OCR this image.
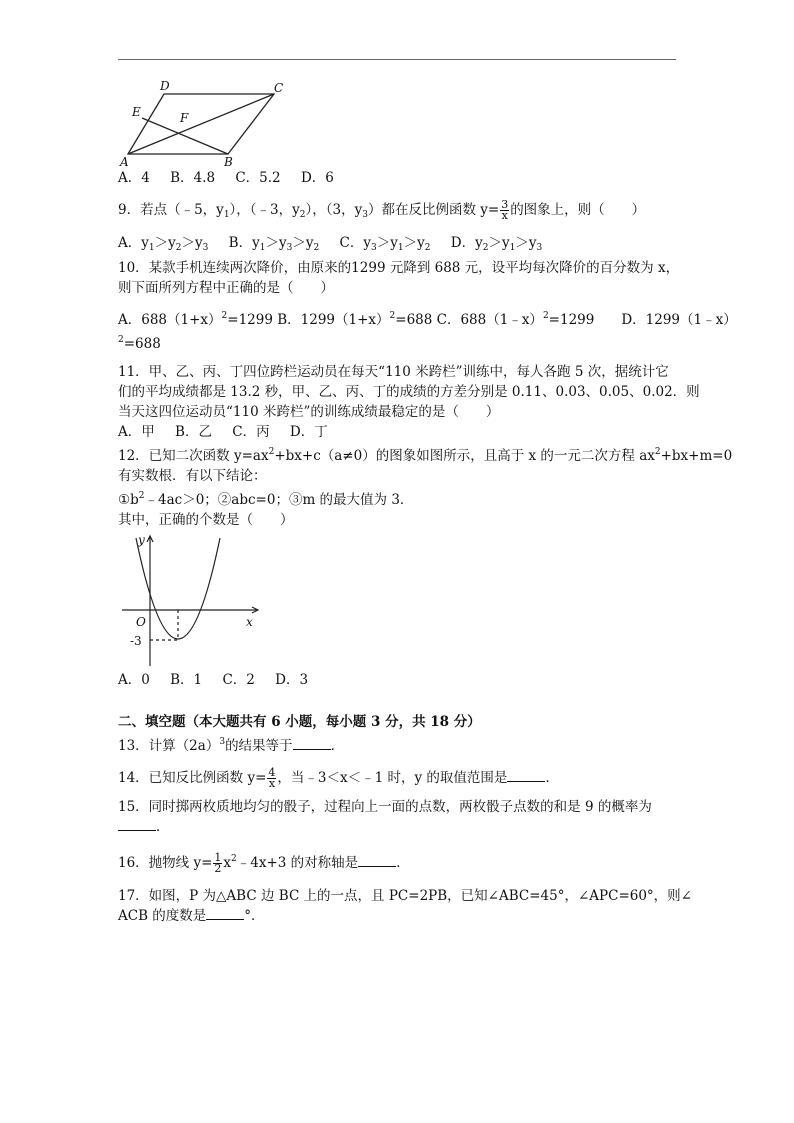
D	C
E	F
A	B
A．4 B．4.8 C．5.2 D．6
9．若点（﹣5，$y_1$），（﹣3，$y_2$），（3，$y_3$）都在反比例函数 $y= \frac{3}{x}$ 的图象上，则（　　）
A．$y_1>y_2>y_3$ B．$y_1>y_3>y_2$ C．$y_3>y_1>y_2$ D．$y_2>y_1>y_3$
10．某款手机连续两次降价，由原来的1299 元降到 688 元，设平均每次降价的百分数为 x，
则下面所列方程中正确的是（　　）
A．$688(1+x)^2=1299$ B．$1299(1+x)^2=688$ C．688（1﹣x）$^2$=1299　　D．1299（1﹣x）
$^2$=688
11．甲、乙、丙、丁四位跨栏运动员在每天“110 米跨栏”训练中，每人各跑 5 次，据统计它
们的平均成绩都是 13.2 秒，甲、乙、丙、丁的成绩的方差分别是 0.11、0.03、0.05、0.02．则
当天这四位运动员“110 米跨栏”的训练成绩最稳定的是（　　）
A．甲 B．乙 C．丙 D．丁
12．已知二次函数 $y=ax^2+bx+c(a\ne 0)$的图象如图所示，且高于 x 的一元二次方程 $ax^2+bx+m=0$
有实数根．有以下结论：
$①b^2﹣4ac>0$；②abc=0；③m 的最大值为 3．
其中，正确的个数是（　　）
y
x
O
-3
A．0 B．1 C．2 D．3
二、填空题（本大题共有 6 小题，每小题 3 分，共 18 分）
13．计算$(2a)^3$的结果等于	．
14．已知反比例函数 $y= \frac{4}{x}$ ，当﹣3＜x＜﹣1 时，y 的取值范围是	．
15．同时掷两枚质地均匀的骰子，过程向上一面的点数，两枚骰子点数的和是 9 的概率为
．
16．抛物线 $y= \frac{1}{2}$ $x^2﹣4x+3$ 的对称轴是	．
17．如图，P 为△ABC 边 BC 上的一点，且 PC=2PB，已知∠ABC=45°，∠APC=60°，则∠
ACB 的度数是	°．
